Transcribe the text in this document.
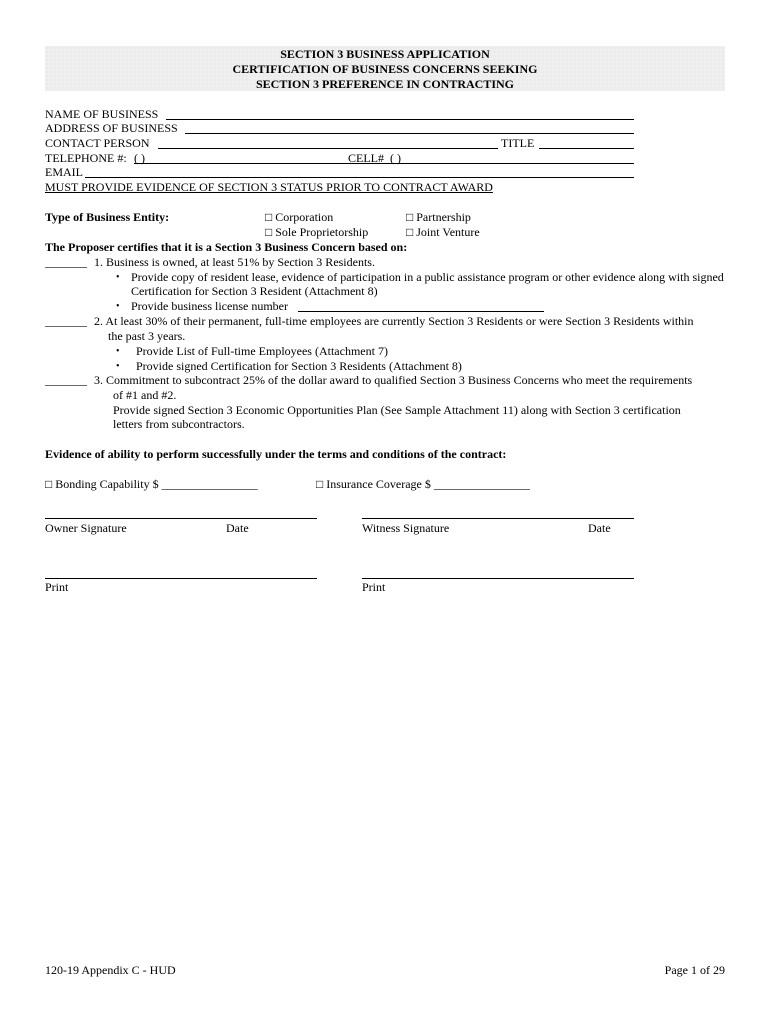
SECTION 3 BUSINESS APPLICATION
CERTIFICATION OF BUSINESS CONCERNS SEEKING
SECTION 3 PREFERENCE IN CONTRACTING
NAME OF BUSINESS
ADDRESS OF BUSINESS
CONTACT PERSON	TITLE
TELEPHONE #: ( )	CELL# ( )
EMAIL
MUST PROVIDE EVIDENCE OF SECTION 3 STATUS PRIOR TO CONTRACT AWARD
Type of Business Entity:	□ Corporation	□ Partnership
□ Sole Proprietorship	□ Joint Venture
The Proposer certifies that it is a Section 3 Business Concern based on:
_______ 1. Business is owned, at least 51% by Section 3 Residents.
• Provide copy of resident lease, evidence of participation in a public assistance program or other evidence along with signed
Certification for Section 3 Resident (Attachment 8)
• Provide business license number
_______ 2. At least 30% of their permanent, full-time employees are currently Section 3 Residents or were Section 3 Residents within
the past 3 years.
• Provide List of Full-time Employees (Attachment 7)
• Provide signed Certification for Section 3 Residents (Attachment 8)
_______ 3. Commitment to subcontract 25% of the dollar award to qualified Section 3 Business Concerns who meet the requirements
of #1 and #2.
Provide signed Section 3 Economic Opportunities Plan (See Sample Attachment 11) along with Section 3 certification
letters from subcontractors.
Evidence of ability to perform successfully under the terms and conditions of the contract:
□ Bonding Capability $ ________________	□ Insurance Coverage $ ________________
Owner Signature	Date	Witness Signature	Date
Print	Print
120-19 Appendix C - HUD	Page 1 of 29
